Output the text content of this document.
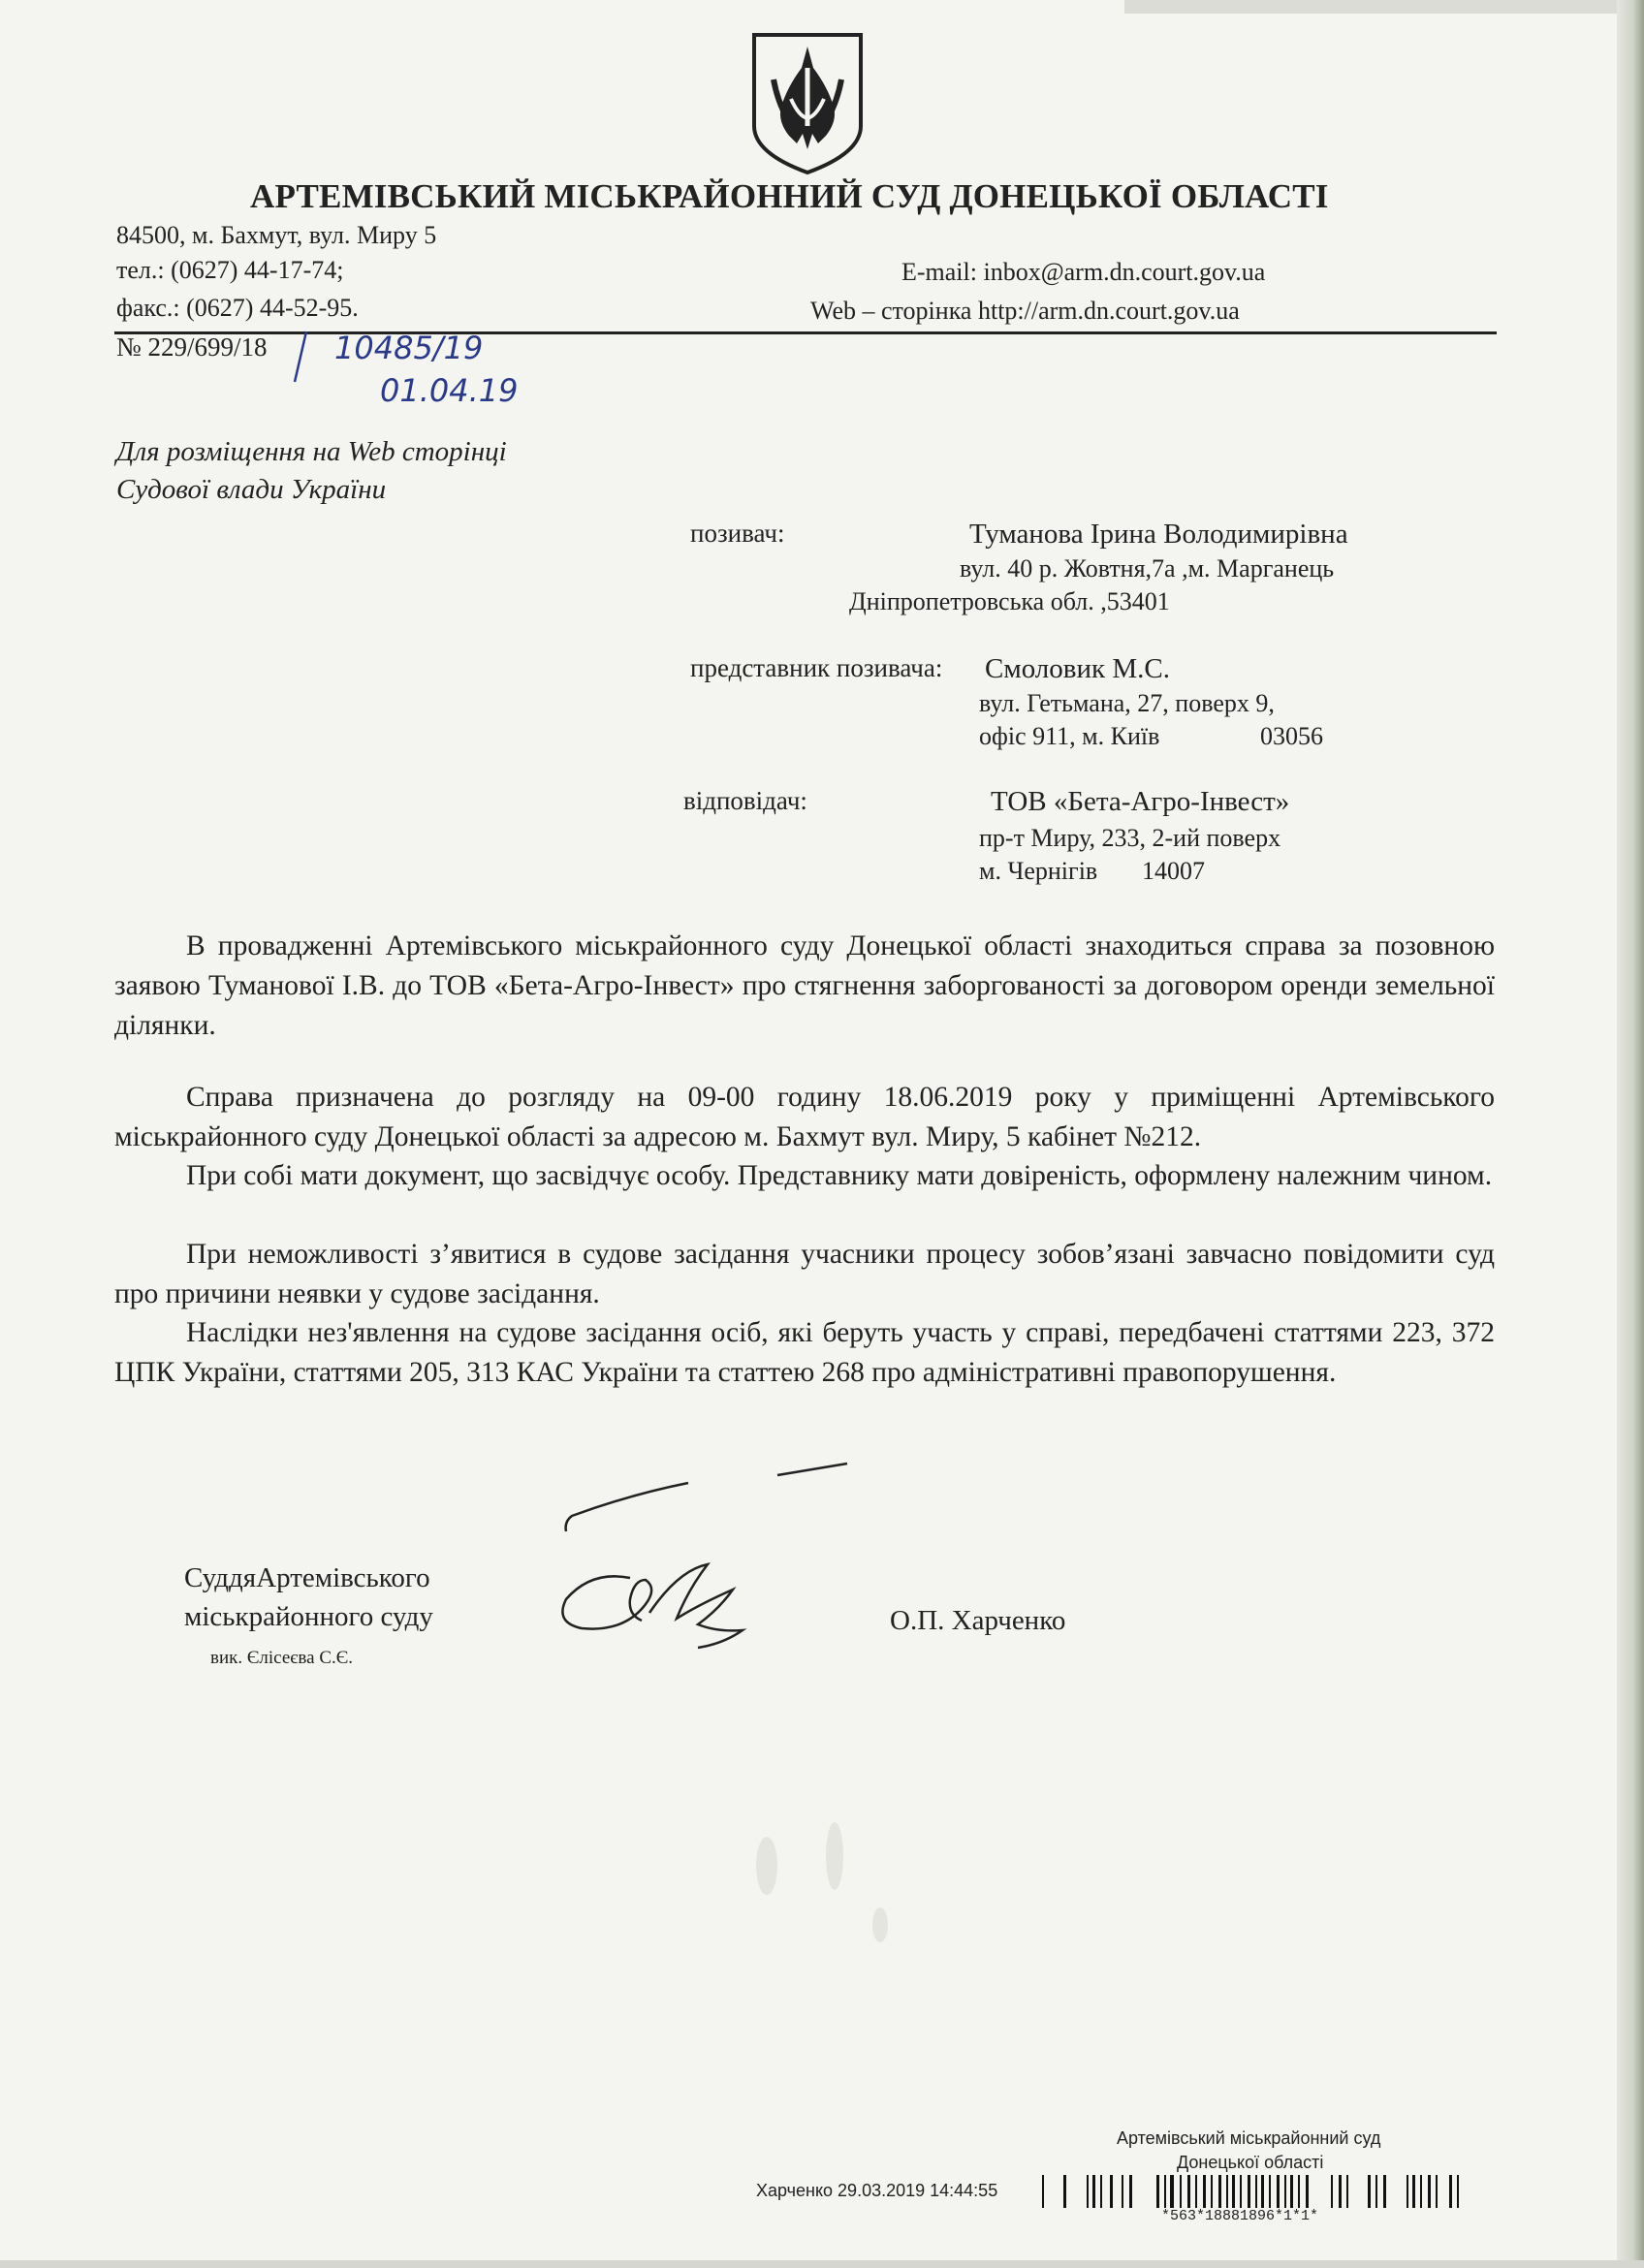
АРТЕМІВСЬКИЙ МІСЬКРАЙОННИЙ СУД ДОНЕЦЬКОЇ ОБЛАСТІ
84500, м. Бахмут, вул. Миру 5
тел.: (0627) 44-17-74;
факс.: (0627) 44-52-95.
E-mail: inbox@arm.dn.court.gov.ua
Web – сторінка http://arm.dn.court.gov.ua
№ 229/699/18 10485/19
01.04.19
Для розміщення на Web сторінці
Судової влади України
позивач:	Туманова Ірина Володимирівна
вул. 40 р. Жовтня,7а ,м. Марганець
Дніпропетровська обл. ,53401
представник позивача: Смоловик М.С.
вул. Гетьмана, 27, поверх 9,
офіс 911, м. Київ	03056
відповідач:	ТОВ «Бета-Агро-Інвест»
пр-т Миру, 233, 2-ий поверх
м. Чернігів 14007
В провадженні Артемівського міськрайонного суду Донецької області знаходиться справа за позовною заявою Туманової І.В. до ТОВ «Бета-Агро-Інвест» про стягнення заборгованості за договором оренди земельної ділянки.
Справа призначена до розгляду на 09-00 годину 18.06.2019 року у приміщенні Артемівського міськрайонного суду Донецької області за адресою м. Бахмут вул. Миру, 5 кабінет №212.
При собі мати документ, що засвідчує особу. Представнику мати довіреність, оформлену належним чином.
При неможливості з’явитися в судове засідання учасники процесу зобов’язані завчасно повідомити суд про причини неявки у судове засідання.
Наслідки нез'явлення на судове засідання осіб, які беруть участь у справі, передбачені статтями 223, 372 ЦПК України, статтями 205, 313 КАС України та статтею 268 про адміністративні правопорушення.
СуддяАртемівського
міськрайонного суду
вик. Єлісеєва С.Є.
О.П. Харченко
Артемівський міськрайонний суд
Донецької області
Харченко 29.03.2019 14:44:55
*563*18881896*1*1*
